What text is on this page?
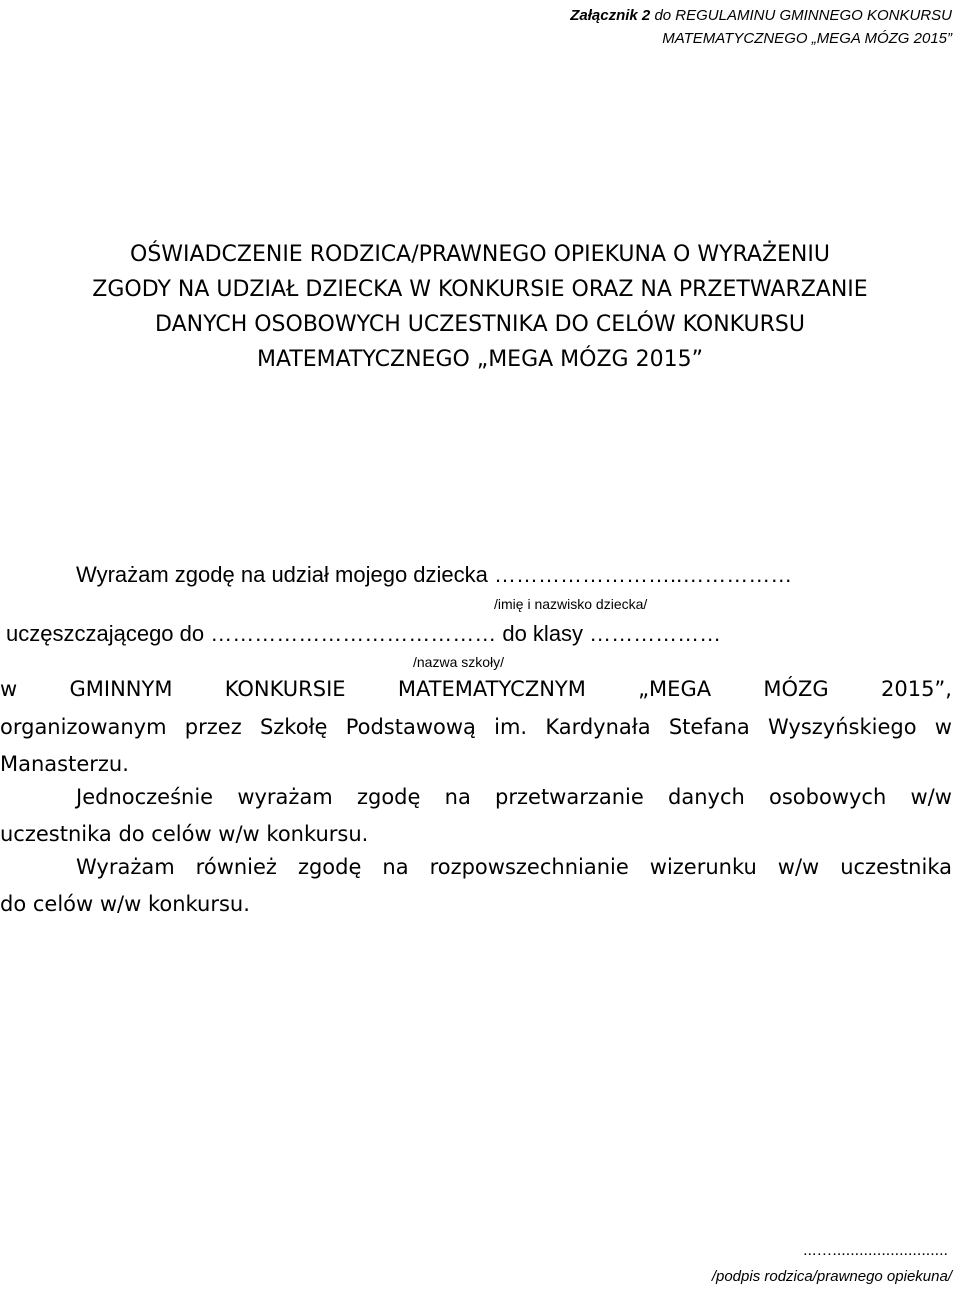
Załącznik 2 do REGULAMINU GMINNEGO KONKURSU
MATEMATYCZNEGO „MEGA MÓZG 2015”
OŚWIADCZENIE RODZICA/PRAWNEGO OPIEKUNA O WYRAŻENIU
ZGODY NA UDZIAŁ DZIECKA W KONKURSIE ORAZ NA PRZETWARZANIE
DANYCH OSOBOWYCH UCZESTNIKA DO CELÓW KONKURSU
MATEMATYCZNEGO „MEGA MÓZG 2015”
Wyrażam zgodę na udział mojego dziecka ……………………..……………
/imię i nazwisko dziecka/
uczęszczającego do ………………………………… do klasy ………………
/nazwa szkoły/
w GMINNYM KONKURSIE MATEMATYCZNYM „MEGA MÓZG 2015”,
organizowanym przez Szkołę Podstawową im. Kardynała Stefana Wyszyńskiego w
Manasterzu.
Jednocześnie wyrażam zgodę na przetwarzanie danych osobowych w/w
uczestnika do celów w/w konkursu.
Wyrażam również zgodę na rozpowszechnianie wizerunku w/w uczestnika
do celów w/w konkursu.
...…..........................
/podpis rodzica/prawnego opiekuna/
